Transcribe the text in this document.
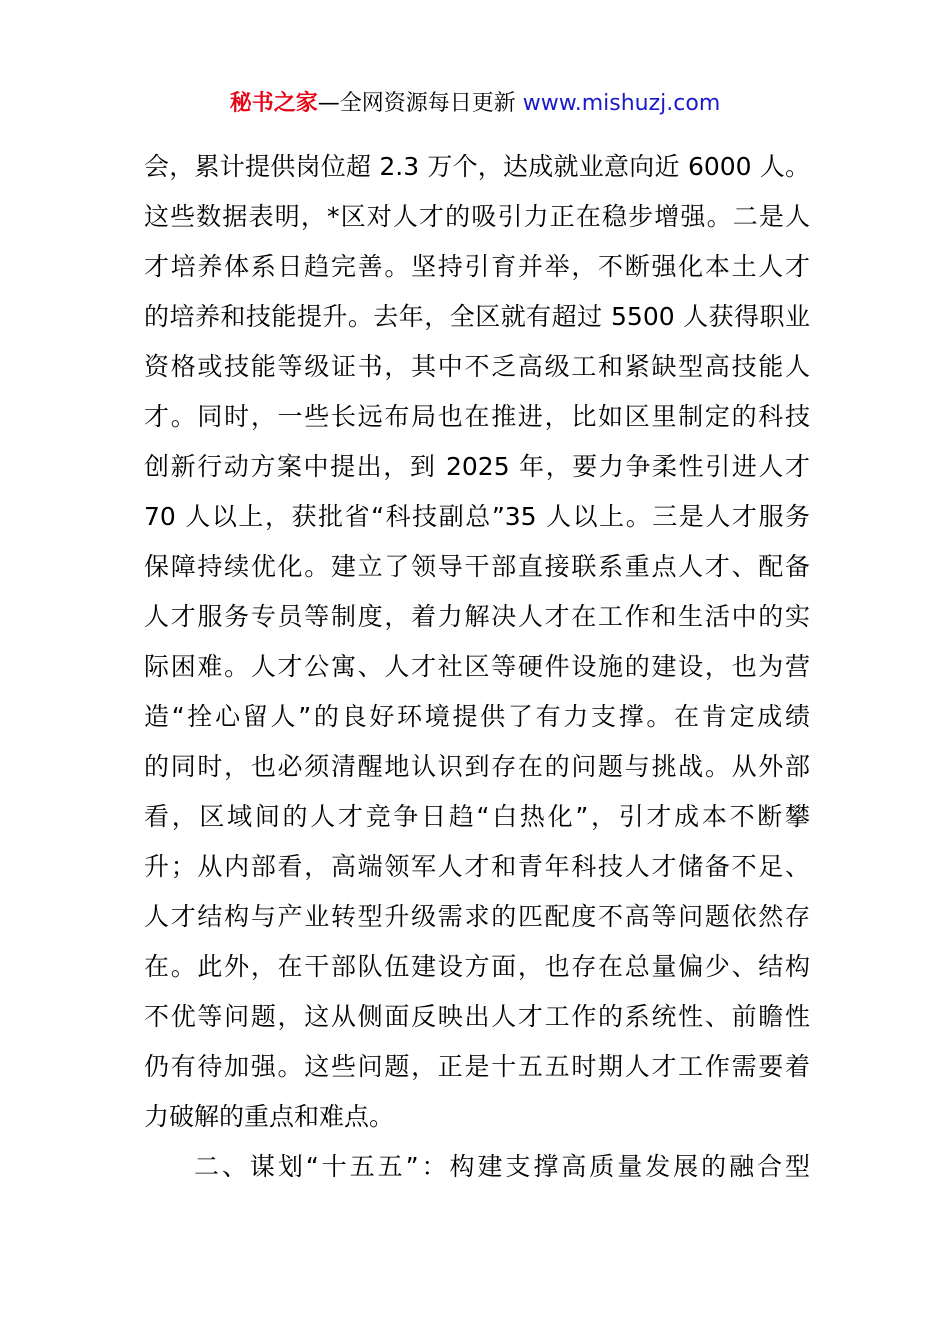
秘书之家—全网资源每日更新 www.mishuzj.com
会，累计提供岗位超 2.3 万个，达成就业意向近 6000 人。
这些数据表明，*区对人才的吸引力正在稳步增强。二是人
才培养体系日趋完善。坚持引育并举，不断强化本土人才
的培养和技能提升。去年，全区就有超过 5500 人获得职业
资格或技能等级证书，其中不乏高级工和紧缺型高技能人
才。同时，一些长远布局也在推进，比如区里制定的科技
创新行动方案中提出，到 2025 年，要力争柔性引进人才
70 人以上，获批省“科技副总”35 人以上。三是人才服务
保障持续优化。建立了领导干部直接联系重点人才、配备
人才服务专员等制度，着力解决人才在工作和生活中的实
际困难。人才公寓、人才社区等硬件设施的建设，也为营
造“拴心留人”的良好环境提供了有力支撑。在肯定成绩
的同时，也必须清醒地认识到存在的问题与挑战。从外部
看，区域间的人才竞争日趋“白热化”，引才成本不断攀
升；从内部看，高端领军人才和青年科技人才储备不足、
人才结构与产业转型升级需求的匹配度不高等问题依然存
在。此外，在干部队伍建设方面，也存在总量偏少、结构
不优等问题，这从侧面反映出人才工作的系统性、前瞻性
仍有待加强。这些问题，正是十五五时期人才工作需要着
力破解的重点和难点。
二、谋划“十五五”：构建支撑高质量发展的融合型
